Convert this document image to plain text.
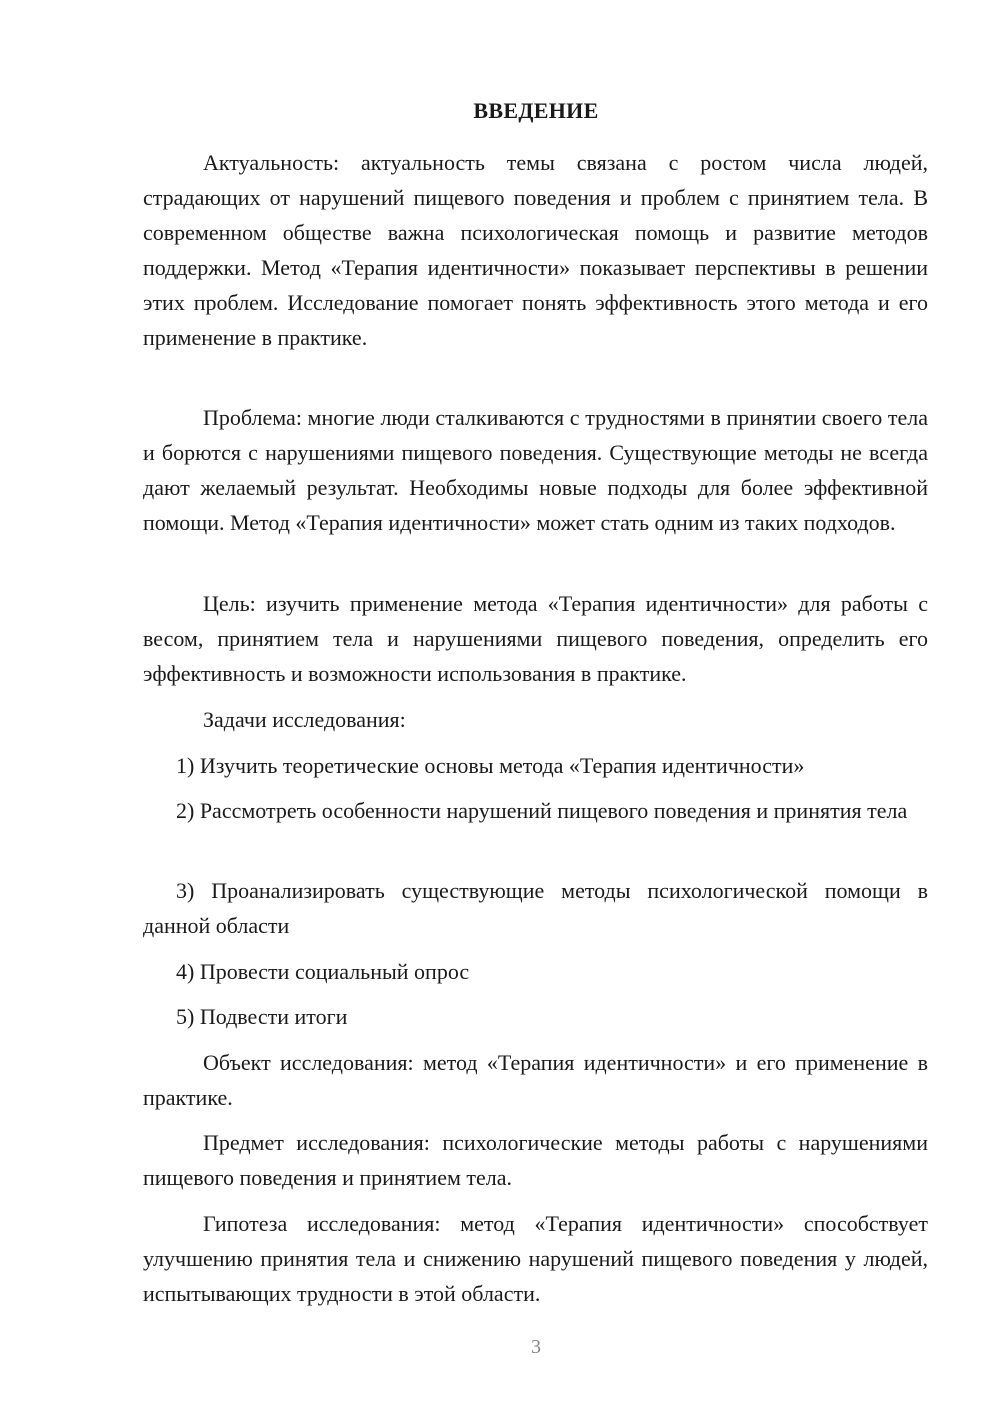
ВВЕДЕНИЕ

Актуальность: актуальность темы связана с ростом числа людей, страдающих от нарушений пищевого поведения и проблем с принятием тела. В современном обществе важна психологическая помощь и развитие методов поддержки. Метод «Терапия идентичности» показывает перспективы в решении этих проблем. Исследование помогает понять эффективность этого метода и его применение в практике.

Проблема: многие люди сталкиваются с трудностями в принятии своего тела и борются с нарушениями пищевого поведения. Существующие методы не всегда дают желаемый результат. Необходимы новые подходы для более эффективной помощи. Метод «Терапия идентичности» может стать одним из таких подходов.

Цель: изучить применение метода «Терапия идентичности» для работы с весом, принятием тела и нарушениями пищевого поведения, определить его эффективность и возможности использования в практике.

Задачи исследования:

1) Изучить теоретические основы метода «Терапия идентичности»

2) Рассмотреть особенности нарушений пищевого поведения и принятия тела

3) Проанализировать существующие методы психологической помощи в данной области

4) Провести социальный опрос

5) Подвести итоги

Объект исследования: метод «Терапия идентичности» и его применение в практике.

Предмет исследования: психологические методы работы с нарушениями пищевого поведения и принятием тела.

Гипотеза исследования: метод «Терапия идентичности» способствует улучшению принятия тела и снижению нарушений пищевого поведения у людей, испытывающих трудности в этой области.

3
